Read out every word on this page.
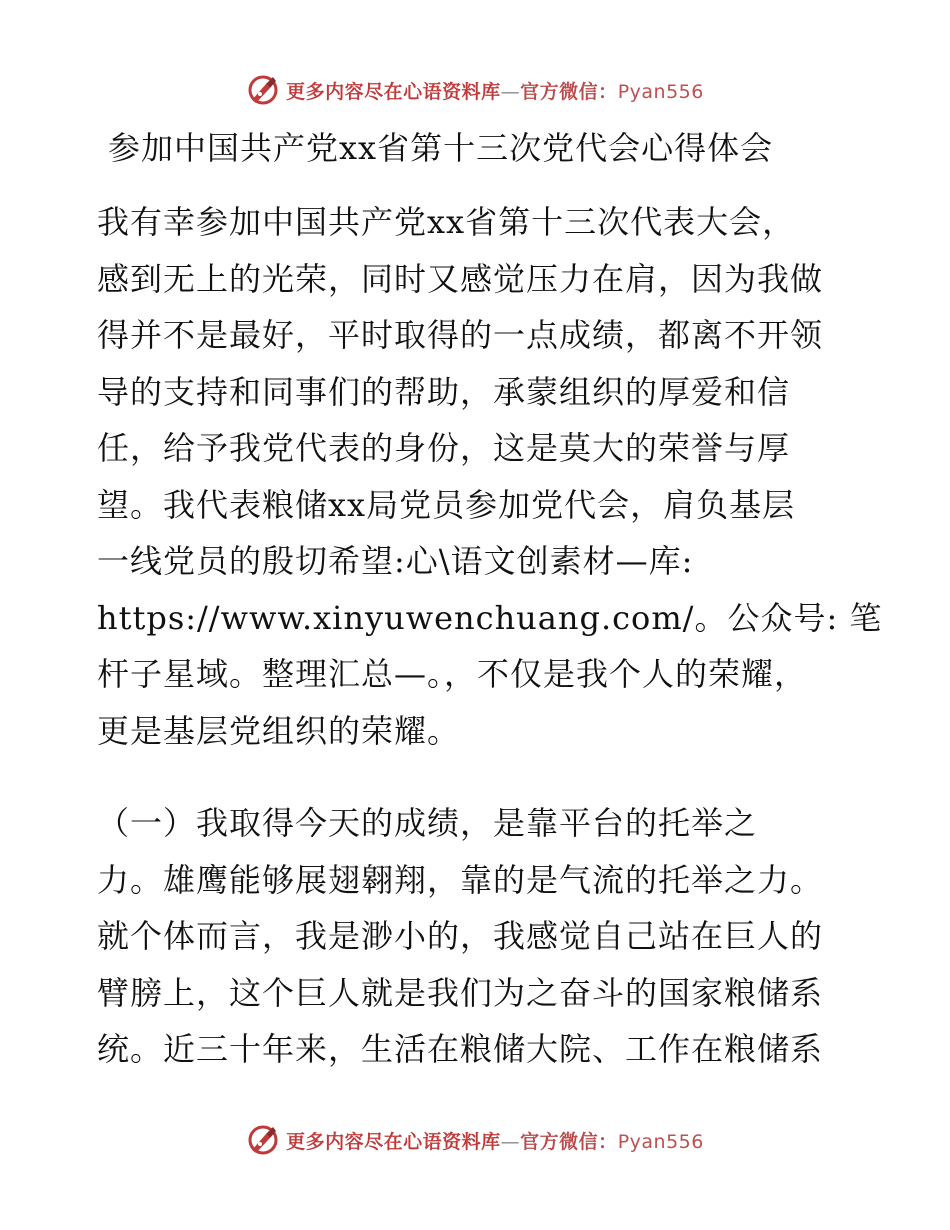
更多内容尽在心语资料库—官方微信：Pyan556
参加中国共产党xx省第十三次党代会心得体会
我有幸参加中国共产党xx省第十三次代表大会，
感到无上的光荣，同时又感觉压力在肩，因为我做
得并不是最好，平时取得的一点成绩，都离不开领
导的支持和同事们的帮助，承蒙组织的厚爱和信
任，给予我党代表的身份，这是莫大的荣誉与厚
望。我代表粮储xx局党员参加党代会，肩负基层
一线党员的殷切希望:心\语文创素材—库:
https://www.xinyuwenchuang.com/。公众号: 笔
杆子星域。整理汇总—。，不仅是我个人的荣耀，
更是基层党组织的荣耀。
（一）我取得今天的成绩，是靠平台的托举之
力。雄鹰能够展翅翱翔，靠的是气流的托举之力。
就个体而言，我是渺小的，我感觉自己站在巨人的
臂膀上，这个巨人就是我们为之奋斗的国家粮储系
统。近三十年来，生活在粮储大院、工作在粮储系
更多内容尽在心语资料库—官方微信：Pyan556
